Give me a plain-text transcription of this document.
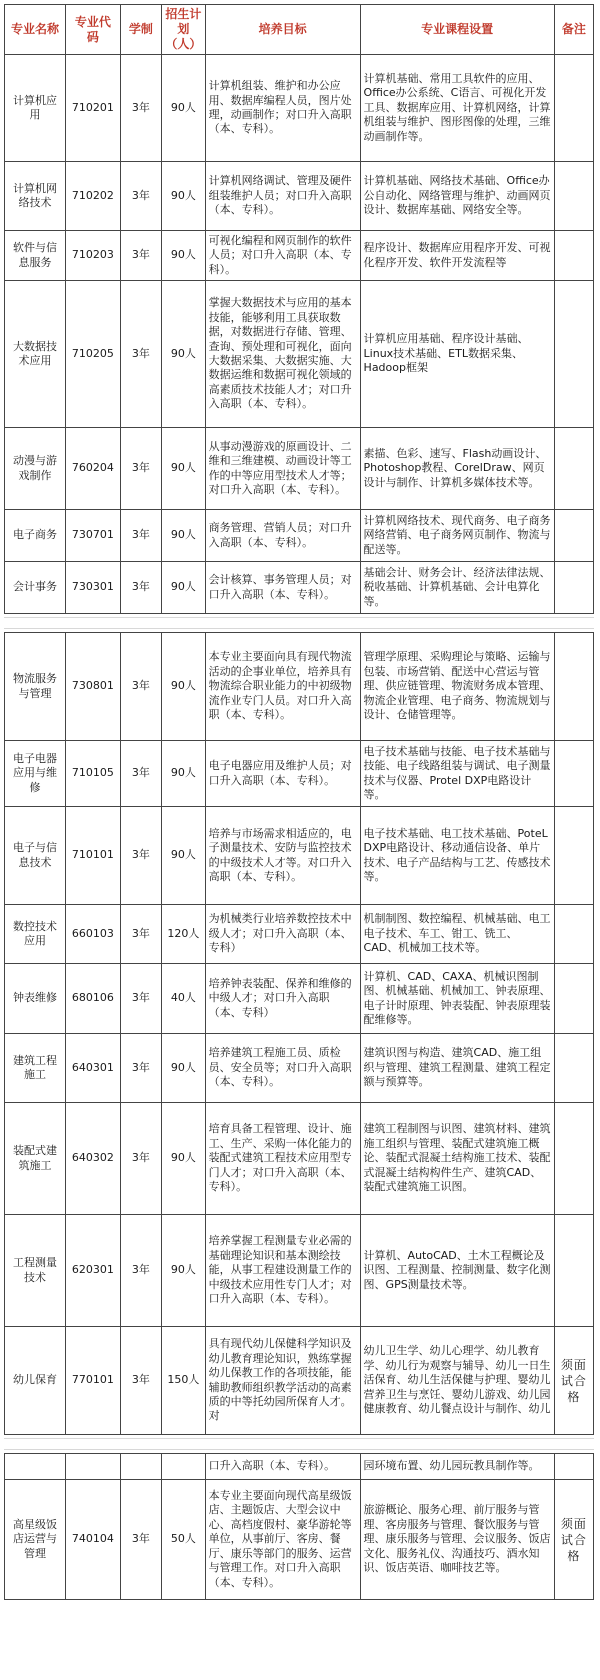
专业名称	专业代码	学制	招生计划（人）	培养目标	专业课程设置	备注
计算机应用	710201	3年	90人	计算机组装、维护和办公应用、数据库编程人员，图片处理，动画制作；对口升入高职（本、专科）。	计算机基础、常用工具软件的应用、Office办公系统、C语言、可视化开发工具、数据库应用、计算机网络，计算机组装与维护、图形图像的处理，三维动画制作等。	
计算机网络技术	710202	3年	90人	计算机网络调试、管理及硬件组装维护人员；对口升入高职（本、专科）。	计算机基础、网络技术基础、Office办公自动化、网络管理与维护、动画网页设计、数据库基础、网络安全等。	
软件与信息服务	710203	3年	90人	可视化编程和网页制作的软件人员；对口升入高职（本、专科）。	程序设计、数据库应用程序开发、可视化程序开发、软件开发流程等	
大数据技术应用	710205	3年	90人	掌握大数据技术与应用的基本技能，能够利用工具获取数据，对数据进行存储、管理、查询、预处理和可视化，面向大数据采集、大数据实施、大数据运维和数据可视化领域的高素质技术技能人才；对口升入高职（本、专科）。	计算机应用基础、程序设计基础、Linux技术基础、ETL数据采集、Hadoop框架	
动漫与游戏制作	760204	3年	90人	从事动漫游戏的原画设计、二维和三维建模、动画设计等工作的中等应用型技术人才等；对口升入高职（本、专科）。	素描、色彩、速写、Flash动画设计、Photoshop教程、CorelDraw、网页设计与制作、计算机多媒体技术等。	
电子商务	730701	3年	90人	商务管理、营销人员；对口升入高职（本、专科）。	计算机网络技术、现代商务、电子商务网络营销、电子商务网页制作、物流与配送等。	
会计事务	730301	3年	90人	会计核算、事务管理人员；对口升入高职（本、专科）。	基础会计、财务会计、经济法律法规、税收基础、计算机基础、会计电算化等。	
物流服务与管理	730801	3年	90人	本专业主要面向具有现代物流活动的企事业单位，培养具有物流综合职业能力的中初级物流作业专门人员。对口升入高职（本、专科）。	管理学原理、采购理论与策略、运输与包装、市场营销、配送中心营运与管理、供应链管理、物流财务成本管理、物流企业管理、电子商务、物流规划与设计、仓储管理等。	
电子电器应用与维修	710105	3年	90人	电子电器应用及维护人员；对口升入高职（本、专科）。	电子技术基础与技能、电子技术基础与技能、电子线路组装与调试、电子测量技术与仪器、Protel DXP电路设计等。	
电子与信息技术	710101	3年	90人	培养与市场需求相适应的，电子测量技术、安防与监控技术的中级技术人才等。对口升入高职（本、专科）。	电子技术基础、电工技术基础、PoteL DXP电路设计、移动通信设备、单片技术、电子产品结构与工艺、传感技术等。	
数控技术应用	660103	3年	120人	为机械类行业培养数控技术中级人才；对口升入高职（本、专科）	机制制图、数控编程、机械基础、电工电子技术、车工、钳工、铣工、CAD、机械加工技术等。	
钟表维修	680106	3年	40人	培养钟表装配、保养和维修的中级人才；对口升入高职（本、专科）	计算机、CAD、CAXA、机械识图制图、机械基础、机械加工、钟表原理、电子计时原理、钟表装配、钟表原理装配维修等。	
建筑工程施工	640301	3年	90人	培养建筑工程施工员、质检员、安全员等；对口升入高职（本、专科）。	建筑识图与构造、建筑CAD、施工组织与管理、建筑工程测量、建筑工程定额与预算等。	
装配式建筑施工	640302	3年	90人	培育具备工程管理、设计、施工、生产、采购一体化能力的装配式建筑工程技术应用型专门人才；对口升入高职（本、专科）。	建筑工程制图与识图、建筑材料、建筑施工组织与管理、装配式建筑施工概论、装配式混凝土结构施工技术、装配式混凝土结构构件生产、建筑CAD、装配式建筑施工识图。	
工程测量技术	620301	3年	90人	培养掌握工程测量专业必需的基础理论知识和基本测绘技能，从事工程建设测量工作的中级技术应用性专门人才；对口升入高职（本、专科）。	计算机、AutoCAD、土木工程概论及识图、工程测量、控制测量、数字化测图、GPS测量技术等。	
幼儿保育	770101	3年	150人	具有现代幼儿保健科学知识及幼儿教育理论知识，熟练掌握幼儿保教工作的各项技能，能辅助教师组织教学活动的高素质的中等托幼园所保育人才。对	幼儿卫生学、幼儿心理学、幼儿教育学、幼儿行为观察与辅导、幼儿一日生活保育、幼儿生活保健与护理、婴幼儿营养卫生与烹饪、婴幼儿游戏、幼儿园健康教育、幼儿餐点设计与制作、幼儿	须面试合格
				口升入高职（本、专科）。	园环境布置、幼儿园玩教具制作等。	
高星级饭店运营与管理	740104	3年	50人	本专业主要面向现代高星级饭店、主题饭店、大型会议中心、高档度假村、豪华游轮等单位，从事前厅、客房、餐厅、康乐等部门的服务、运营与管理工作。对口升入高职（本、专科）。	旅游概论、服务心理、前厅服务与管理、客房服务与管理、餐饮服务与管理、康乐服务与管理、会议服务、饭店文化、服务礼仪、沟通技巧、酒水知识、饭店英语、咖啡技艺等。	须面试合格
